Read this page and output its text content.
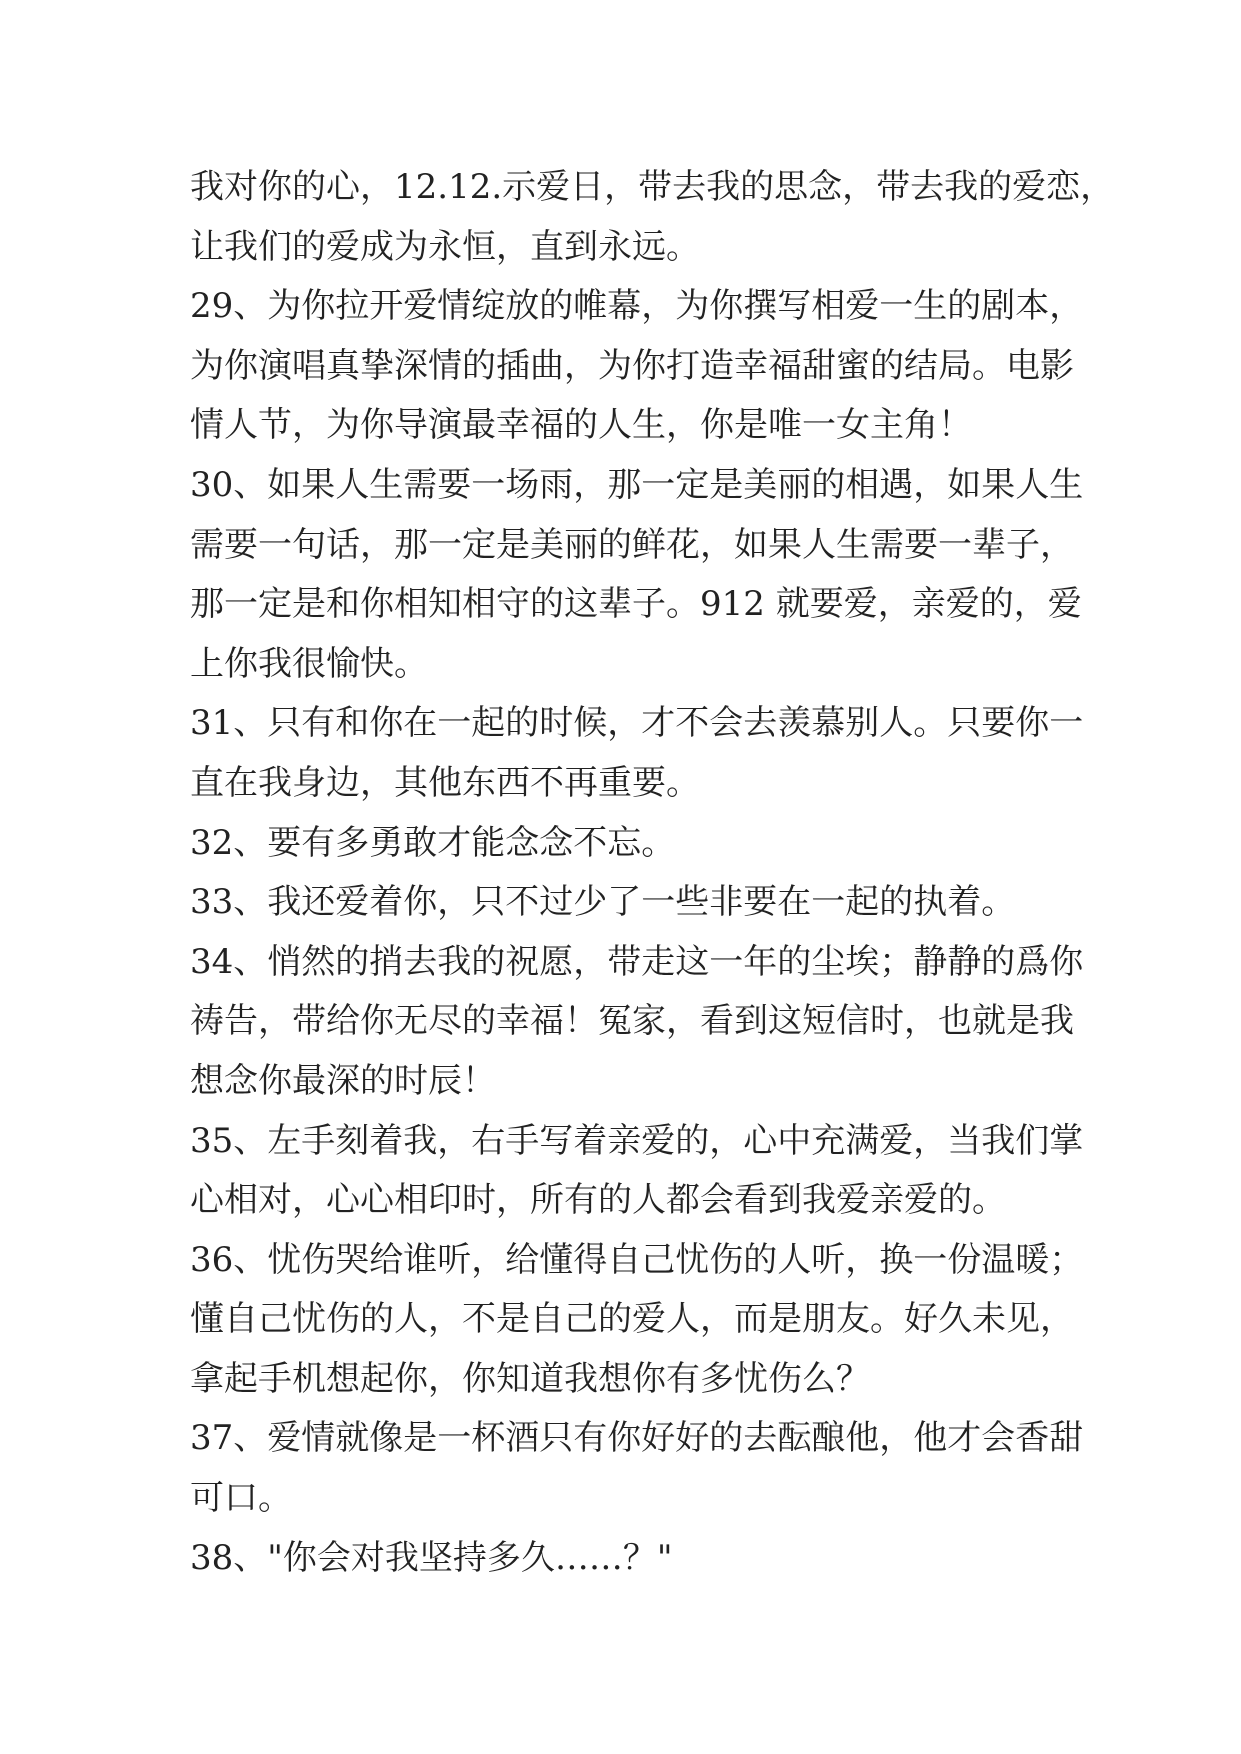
我对你的心，12.12.示爱日，带去我的思念，带去我的爱恋，
让我们的爱成为永恒，直到永远。
29、为你拉开爱情绽放的帷幕，为你撰写相爱一生的剧本，
为你演唱真挚深情的插曲，为你打造幸福甜蜜的结局。电影
情人节，为你导演最幸福的人生，你是唯一女主角！
30、如果人生需要一场雨，那一定是美丽的相遇，如果人生
需要一句话，那一定是美丽的鲜花，如果人生需要一辈子，
那一定是和你相知相守的这辈子。912 就要爱，亲爱的，爱
上你我很愉快。
31、只有和你在一起的时候，才不会去羡慕别人。只要你一
直在我身边，其他东西不再重要。
32、要有多勇敢才能念念不忘。
33、我还爱着你，只不过少了一些非要在一起的执着。
34、悄然的捎去我的祝愿，带走这一年的尘埃；静静的爲你
祷告，带给你无尽的幸福！冤家，看到这短信时，也就是我
想念你最深的时辰！
35、左手刻着我，右手写着亲爱的，心中充满爱，当我们掌
心相对，心心相印时，所有的人都会看到我爱亲爱的。
36、忧伤哭给谁听，给懂得自己忧伤的人听，换一份温暖；
懂自己忧伤的人，不是自己的爱人，而是朋友。好久未见，
拿起手机想起你，你知道我想你有多忧伤么？
37、爱情就像是一杯酒只有你好好的去酝酿他，他才会香甜
可口。
38、"你会对我坚持多久……？"
